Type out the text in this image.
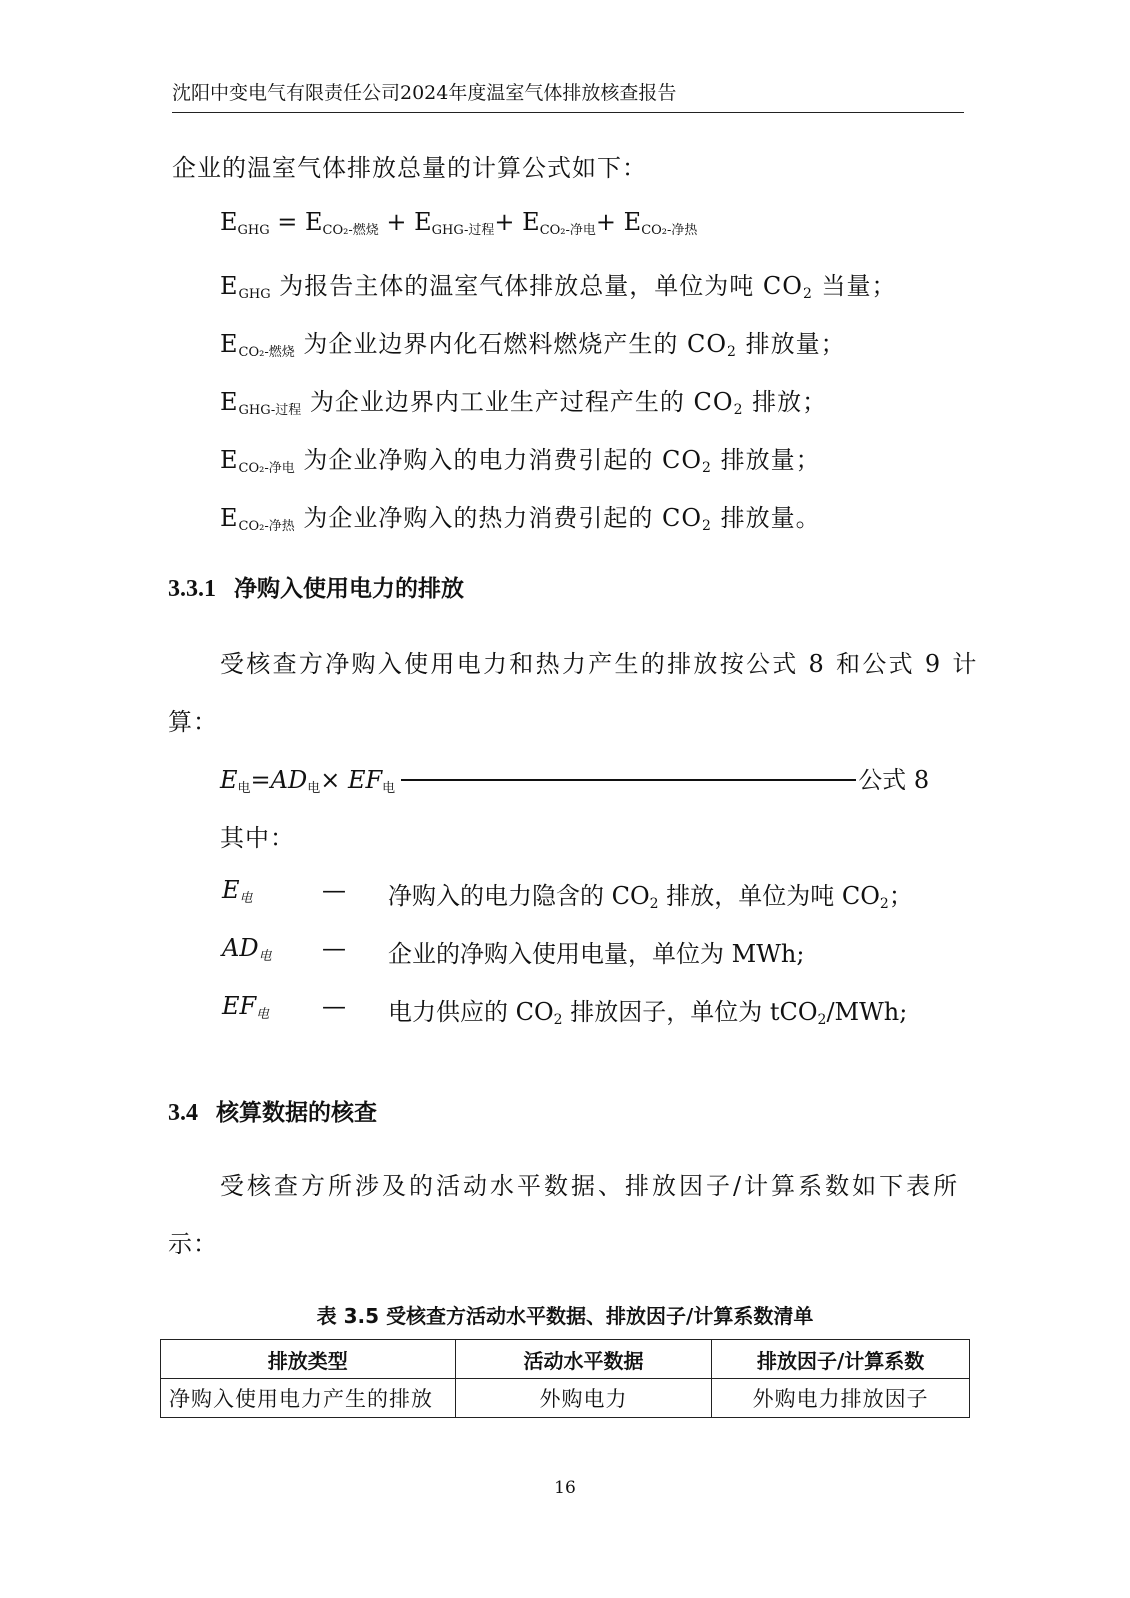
沈阳中变电气有限责任公司2024年度温室气体排放核查报告
企业的温室气体排放总量的计算公式如下：
$E_{GHG} = E_{CO_2-燃烧} + E_{GHG-过程}+ E_{CO_2-净电}+ E_{CO_2-净热}$
$E_{GHG}$ 为报告主体的温室气体排放总量，单位为吨 CO2 当量；
$E_{CO_2-燃烧}$ 为企业边界内化石燃料燃烧产生的 CO2 排放量；
$E_{GHG-过程}$ 为企业边界内工业生产过程产生的 CO2 排放；
$E_{CO_2-净电}$ 为企业净购入的电力消费引起的 CO2 排放量；
$E_{CO_2-净热}$ 为企业净购入的热力消费引起的 CO2 排放量。
3.3.1 净购入使用电力的排放
受核查方净购入使用电力和热力产生的排放按公式 8 和公式 9 计
算：
$E_电=AD_电\times EF_电$	公式 8
其中：
$E_电$	— 净购入的电力隐含的 CO2 排放，单位为吨 CO2；
$AD_电$ — 企业的净购入使用电量，单位为 MWh;
$EF_电$ — 电力供应的 CO2 排放因子，单位为 tCO2/MWh;
3.4 核算数据的核查
受核查方所涉及的活动水平数据、排放因子/计算系数如下表所
示：
表 3.5 受核查方活动水平数据、排放因子/计算系数清单
排放类型	活动水平数据	排放因子/计算系数
净购入使用电力产生的排放	外购电力	外购电力排放因子
16
